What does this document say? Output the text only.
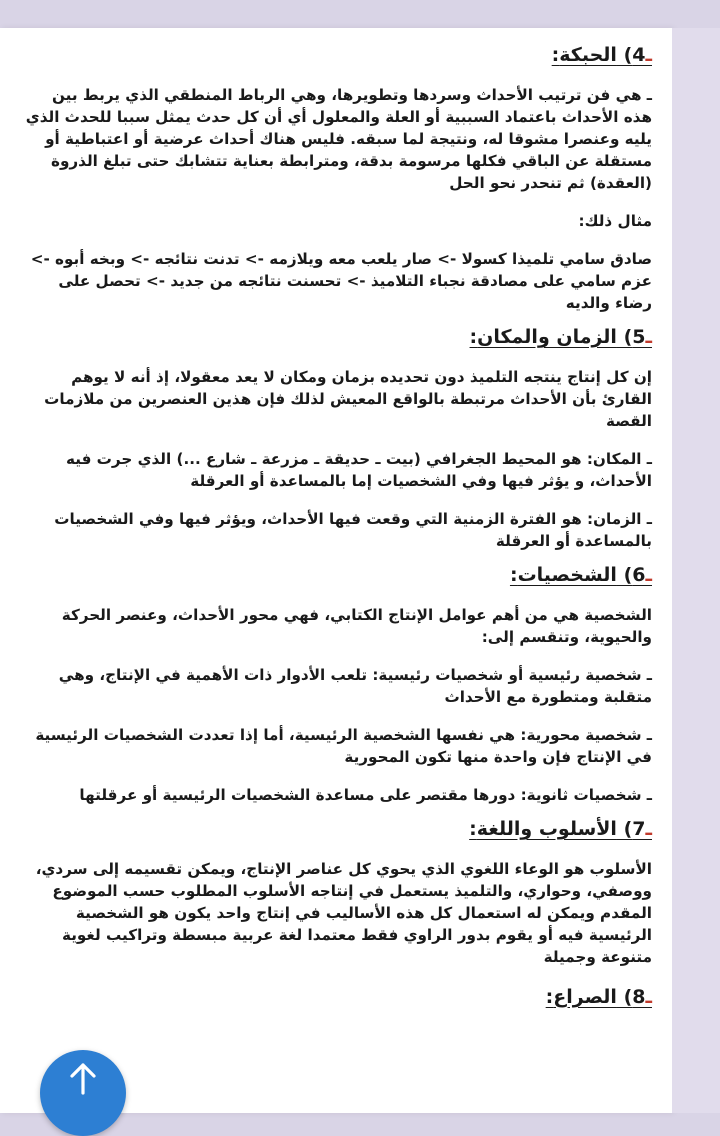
ـ4) الحبكة:

ـ هي فن ترتيب الأحداث وسردها وتطويرها، وهي الرباط المنطقي الذي يربط بين هذه الأحداث باعتماد السببية أو العلة والمعلول أي أن كل حدث يمثل سببا للحدث الذي يليه وعنصرا مشوقا له، ونتيجة لما سبقه. فليس هناك أحداث عرضية أو اعتباطية أو مستقلة عن الباقي فكلها مرسومة بدقة، ومترابطة بعناية تتشابك حتى تبلغ الذروة (العقدة) ثم تنحدر نحو الحل

مثال ذلك:

صادق سامي تلميذا كسولا -> صار يلعب معه ويلازمه -> تدنت نتائجه -> وبخه أبوه -> عزم سامي على مصادقة نجباء التلاميذ -> تحسنت نتائجه من جديد -> تحصل على رضاء والديه

ـ5) الزمان والمكان:

إن كل إنتاج ينتجه التلميذ دون تحديده بزمان ومكان لا يعد معقولا، إذ أنه لا يوهم القارئ بأن الأحداث مرتبطة بالواقع المعيش لذلك فإن هذين العنصرين من ملازمات القصة

ـ المكان: هو المحيط الجغرافي (بيت ـ حديقة ـ مزرعة ـ شارع ...) الذي جرت فيه الأحداث، و يؤثر فيها وفي الشخصيات إما بالمساعدة أو العرقلة

ـ الزمان: هو الفترة الزمنية التي وقعت فيها الأحداث، ويؤثر فيها وفي الشخصيات بالمساعدة أو العرقلة

ـ6) الشخصيات:

الشخصية هي من أهم عوامل الإنتاج الكتابي، فهي محور الأحداث، وعنصر الحركة والحيوية، وتنقسم إلى:

ـ شخصية رئيسية أو شخصيات رئيسية: تلعب الأدوار ذات الأهمية في الإنتاج، وهي متقلبة ومتطورة مع الأحداث

ـ شخصية محورية: هي نفسها الشخصية الرئيسية، أما إذا تعددت الشخصيات الرئيسية في الإنتاج فإن واحدة منها تكون المحورية

ـ شخصيات ثانوية: دورها مقتصر على مساعدة الشخصيات الرئيسية أو عرقلتها

ـ7) الأسلوب واللغة:

الأسلوب هو الوعاء اللغوي الذي يحوي كل عناصر الإنتاج، ويمكن تقسيمه إلى سردي، ووصفي، وحواري، والتلميذ يستعمل في إنتاجه الأسلوب المطلوب حسب الموضوع المقدم ويمكن له استعمال كل هذه الأساليب في إنتاج واحد يكون هو الشخصية الرئيسية فيه أو يقوم بدور الراوي فقط معتمدا لغة عربية مبسطة وتراكيب لغوية متنوعة وجميلة

ـ8) الصراع:
